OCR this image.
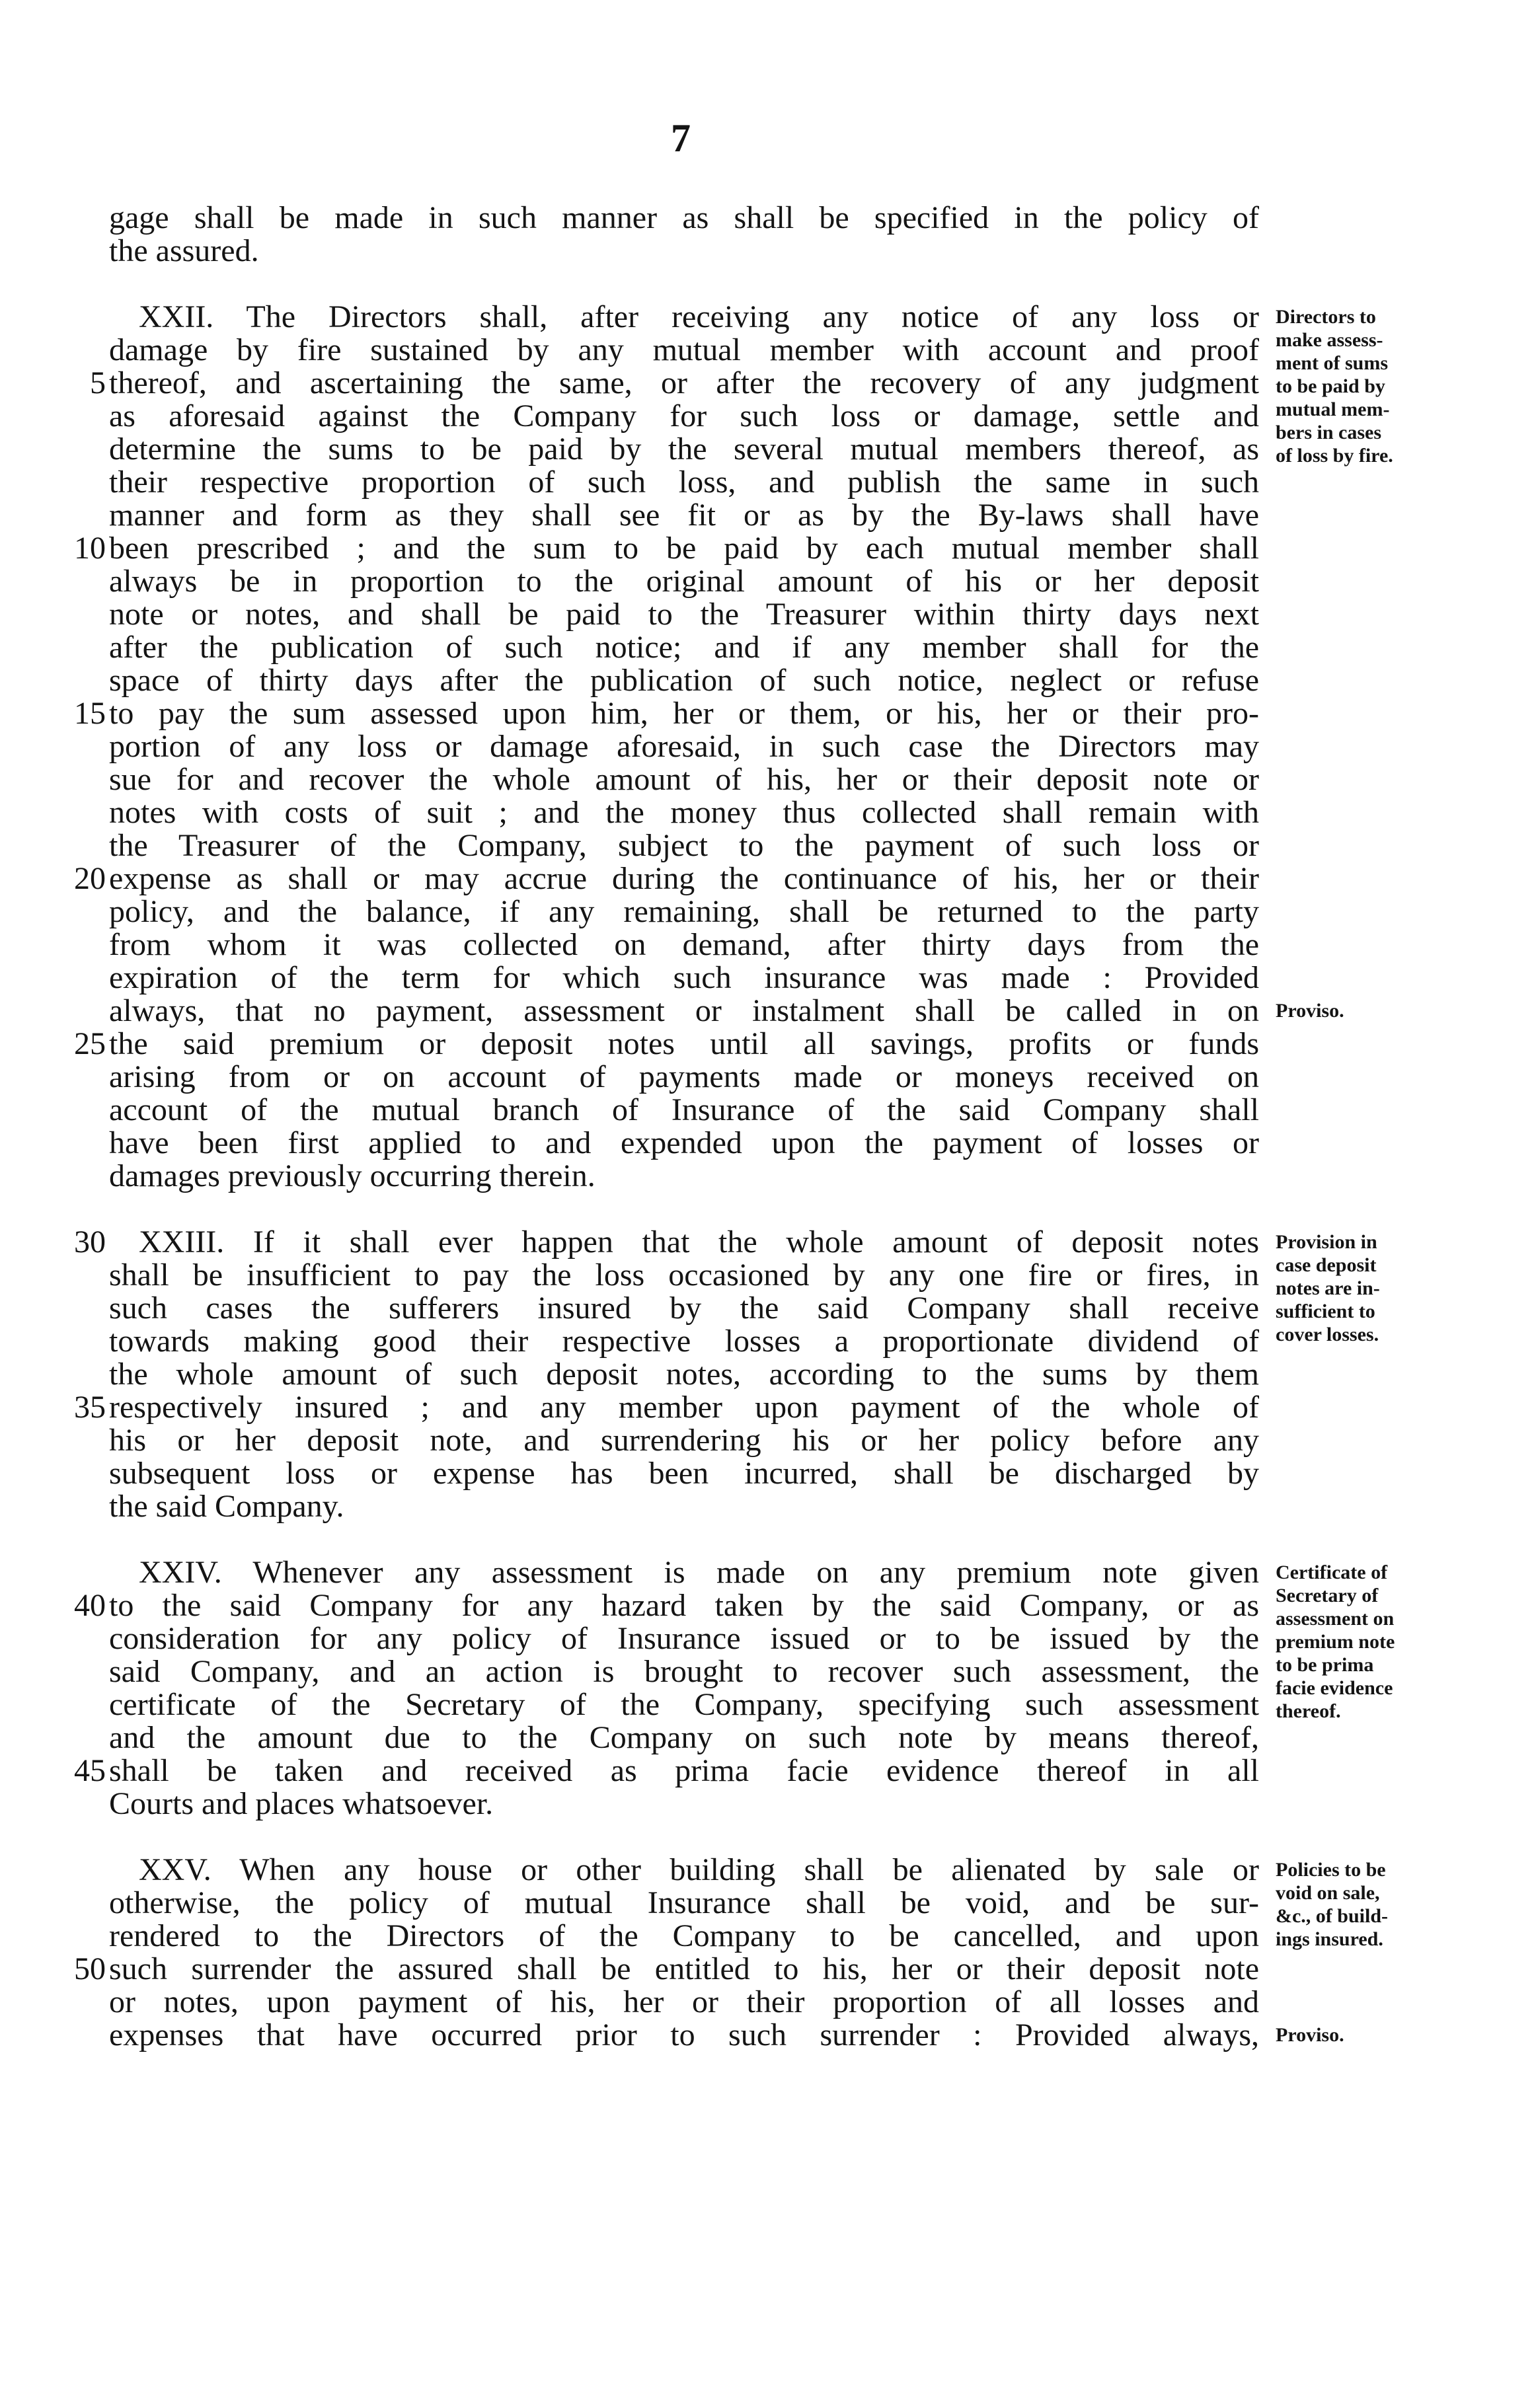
7
gage shall be made in such manner as shall be specified in the policy of
the assured.
XXII. The Directors shall, after receiving any notice of any loss or
damage by fire sustained by any mutual member with account and proof
5 thereof, and ascertaining the same, or after the recovery of any judgment
as aforesaid against the Company for such loss or damage, settle and
determine the sums to be paid by the several mutual members thereof, as
their respective proportion of such loss, and publish the same in such
manner and form as they shall see fit or as by the By-laws shall have
10 been prescribed ; and the sum to be paid by each mutual member shall
always be in proportion to the original amount of his or her deposit
note or notes, and shall be paid to the Treasurer within thirty days next
after the publication of such notice; and if any member shall for the
space of thirty days after the publication of such notice, neglect or refuse
15 to pay the sum assessed upon him, her or them, or his, her or their pro-
portion of any loss or damage aforesaid, in such case the Directors may
sue for and recover the whole amount of his, her or their deposit note or
notes with costs of suit ; and the money thus collected shall remain with
the Treasurer of the Company, subject to the payment of such loss or
20 expense as shall or may accrue during the continuance of his, her or their
policy, and the balance, if any remaining, shall be returned to the party
from whom it was collected on demand, after thirty days from the
expiration of the term for which such insurance was made : Provided
always, that no payment, assessment or instalment shall be called in on
25 the said premium or deposit notes until all savings, profits or funds
arising from or on account of payments made or moneys received on
account of the mutual branch of Insurance of the said Company shall
have been first applied to and expended upon the payment of losses or
damages previously occurring therein.
30 XXIII. If it shall ever happen that the whole amount of deposit notes
shall be insufficient to pay the loss occasioned by any one fire or fires, in
such cases the sufferers insured by the said Company shall receive
towards making good their respective losses a proportionate dividend of
the whole amount of such deposit notes, according to the sums by them
35 respectively insured ; and any member upon payment of the whole of
his or her deposit note, and surrendering his or her policy before any
subsequent loss or expense has been incurred, shall be discharged by
the said Company.
XXIV. Whenever any assessment is made on any premium note given
40 to the said Company for any hazard taken by the said Company, or as
consideration for any policy of Insurance issued or to be issued by the
said Company, and an action is brought to recover such assessment, the
certificate of the Secretary of the Company, specifying such assessment
and the amount due to the Company on such note by means thereof,
45 shall be taken and received as prima facie evidence thereof in all
Courts and places whatsoever.
XXV. When any house or other building shall be alienated by sale or
otherwise, the policy of mutual Insurance shall be void, and be sur-
rendered to the Directors of the Company to be cancelled, and upon
50 such surrender the assured shall be entitled to his, her or their deposit note
or notes, upon payment of his, her or their proportion of all losses and
expenses that have occurred prior to such surrender : Provided always,
Directors to
make assess-
ment of sums
to be paid by
mutual mem-
bers in cases
of loss by fire.
Proviso.
Provision in
case deposit
notes are in-
sufficient to
cover losses.
Certificate of
Secretary of
assessment on
premium note
to be prima
facie evidence
thereof.
Policies to be
void on sale,
&c., of build-
ings insured.
Proviso.
